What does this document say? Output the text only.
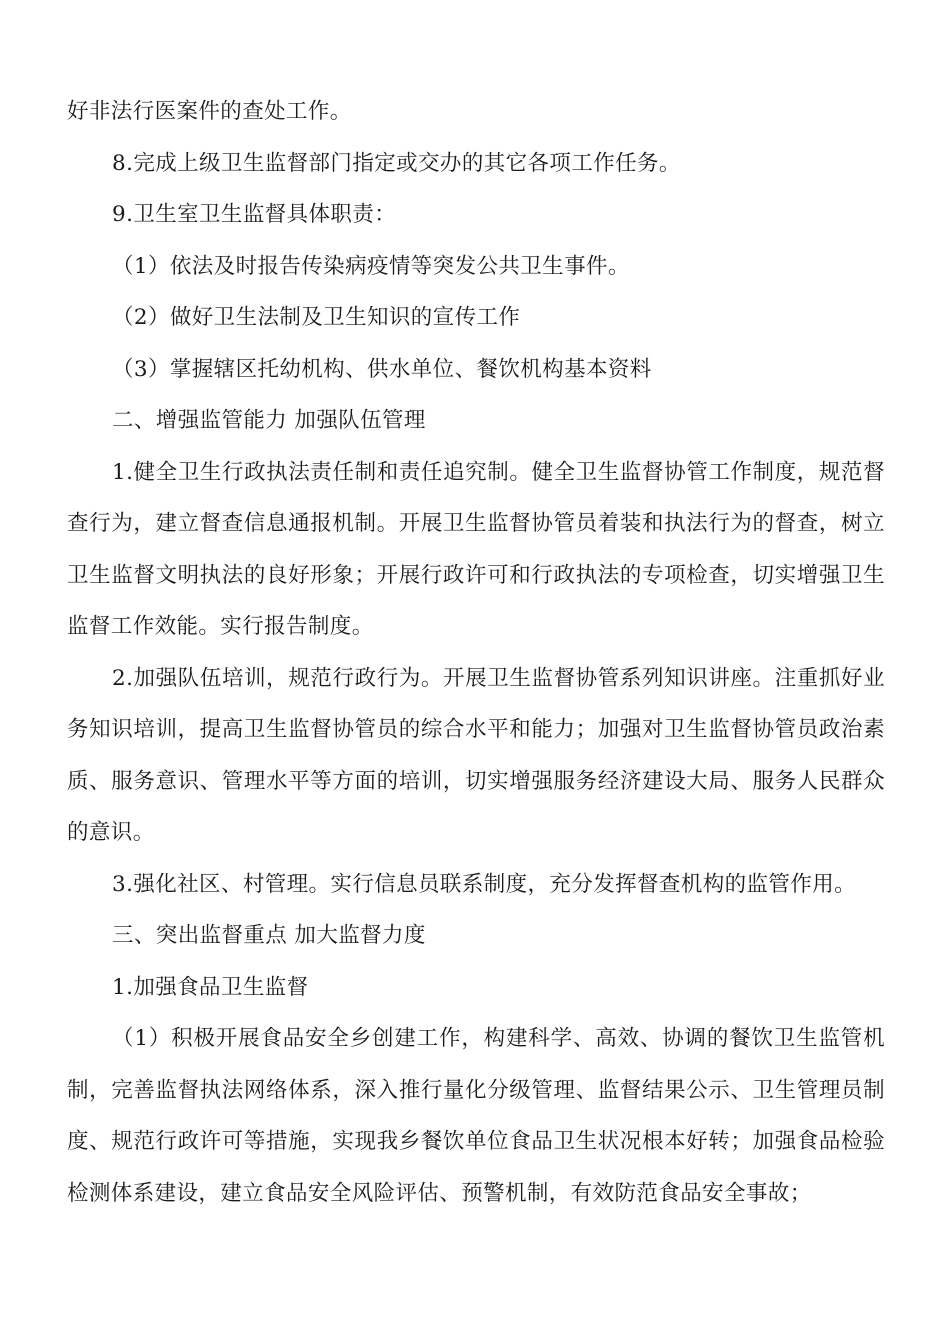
好非法行医案件的查处工作。

8.完成上级卫生监督部门指定或交办的其它各项工作任务。

9.卫生室卫生监督具体职责：

（1）依法及时报告传染病疫情等突发公共卫生事件。

（2）做好卫生法制及卫生知识的宣传工作

（3）掌握辖区托幼机构、供水单位、餐饮机构基本资料

二、增强监管能力 加强队伍管理

1.健全卫生行政执法责任制和责任追究制。健全卫生监督协管工作制度，规范督查行为，建立督查信息通报机制。开展卫生监督协管员着装和执法行为的督查，树立卫生监督文明执法的良好形象；开展行政许可和行政执法的专项检查，切实增强卫生监督工作效能。实行报告制度。

2.加强队伍培训，规范行政行为。开展卫生监督协管系列知识讲座。注重抓好业务知识培训，提高卫生监督协管员的综合水平和能力；加强对卫生监督协管员政治素质、服务意识、管理水平等方面的培训，切实增强服务经济建设大局、服务人民群众的意识。

3.强化社区、村管理。实行信息员联系制度，充分发挥督查机构的监管作用。

三、突出监督重点 加大监督力度

1.加强食品卫生监督

（1）积极开展食品安全乡创建工作，构建科学、高效、协调的餐饮卫生监管机制，完善监督执法网络体系，深入推行量化分级管理、监督结果公示、卫生管理员制度、规范行政许可等措施，实现我乡餐饮单位食品卫生状况根本好转；加强食品检验检测体系建设，建立食品安全风险评估、预警机制，有效防范食品安全事故；
